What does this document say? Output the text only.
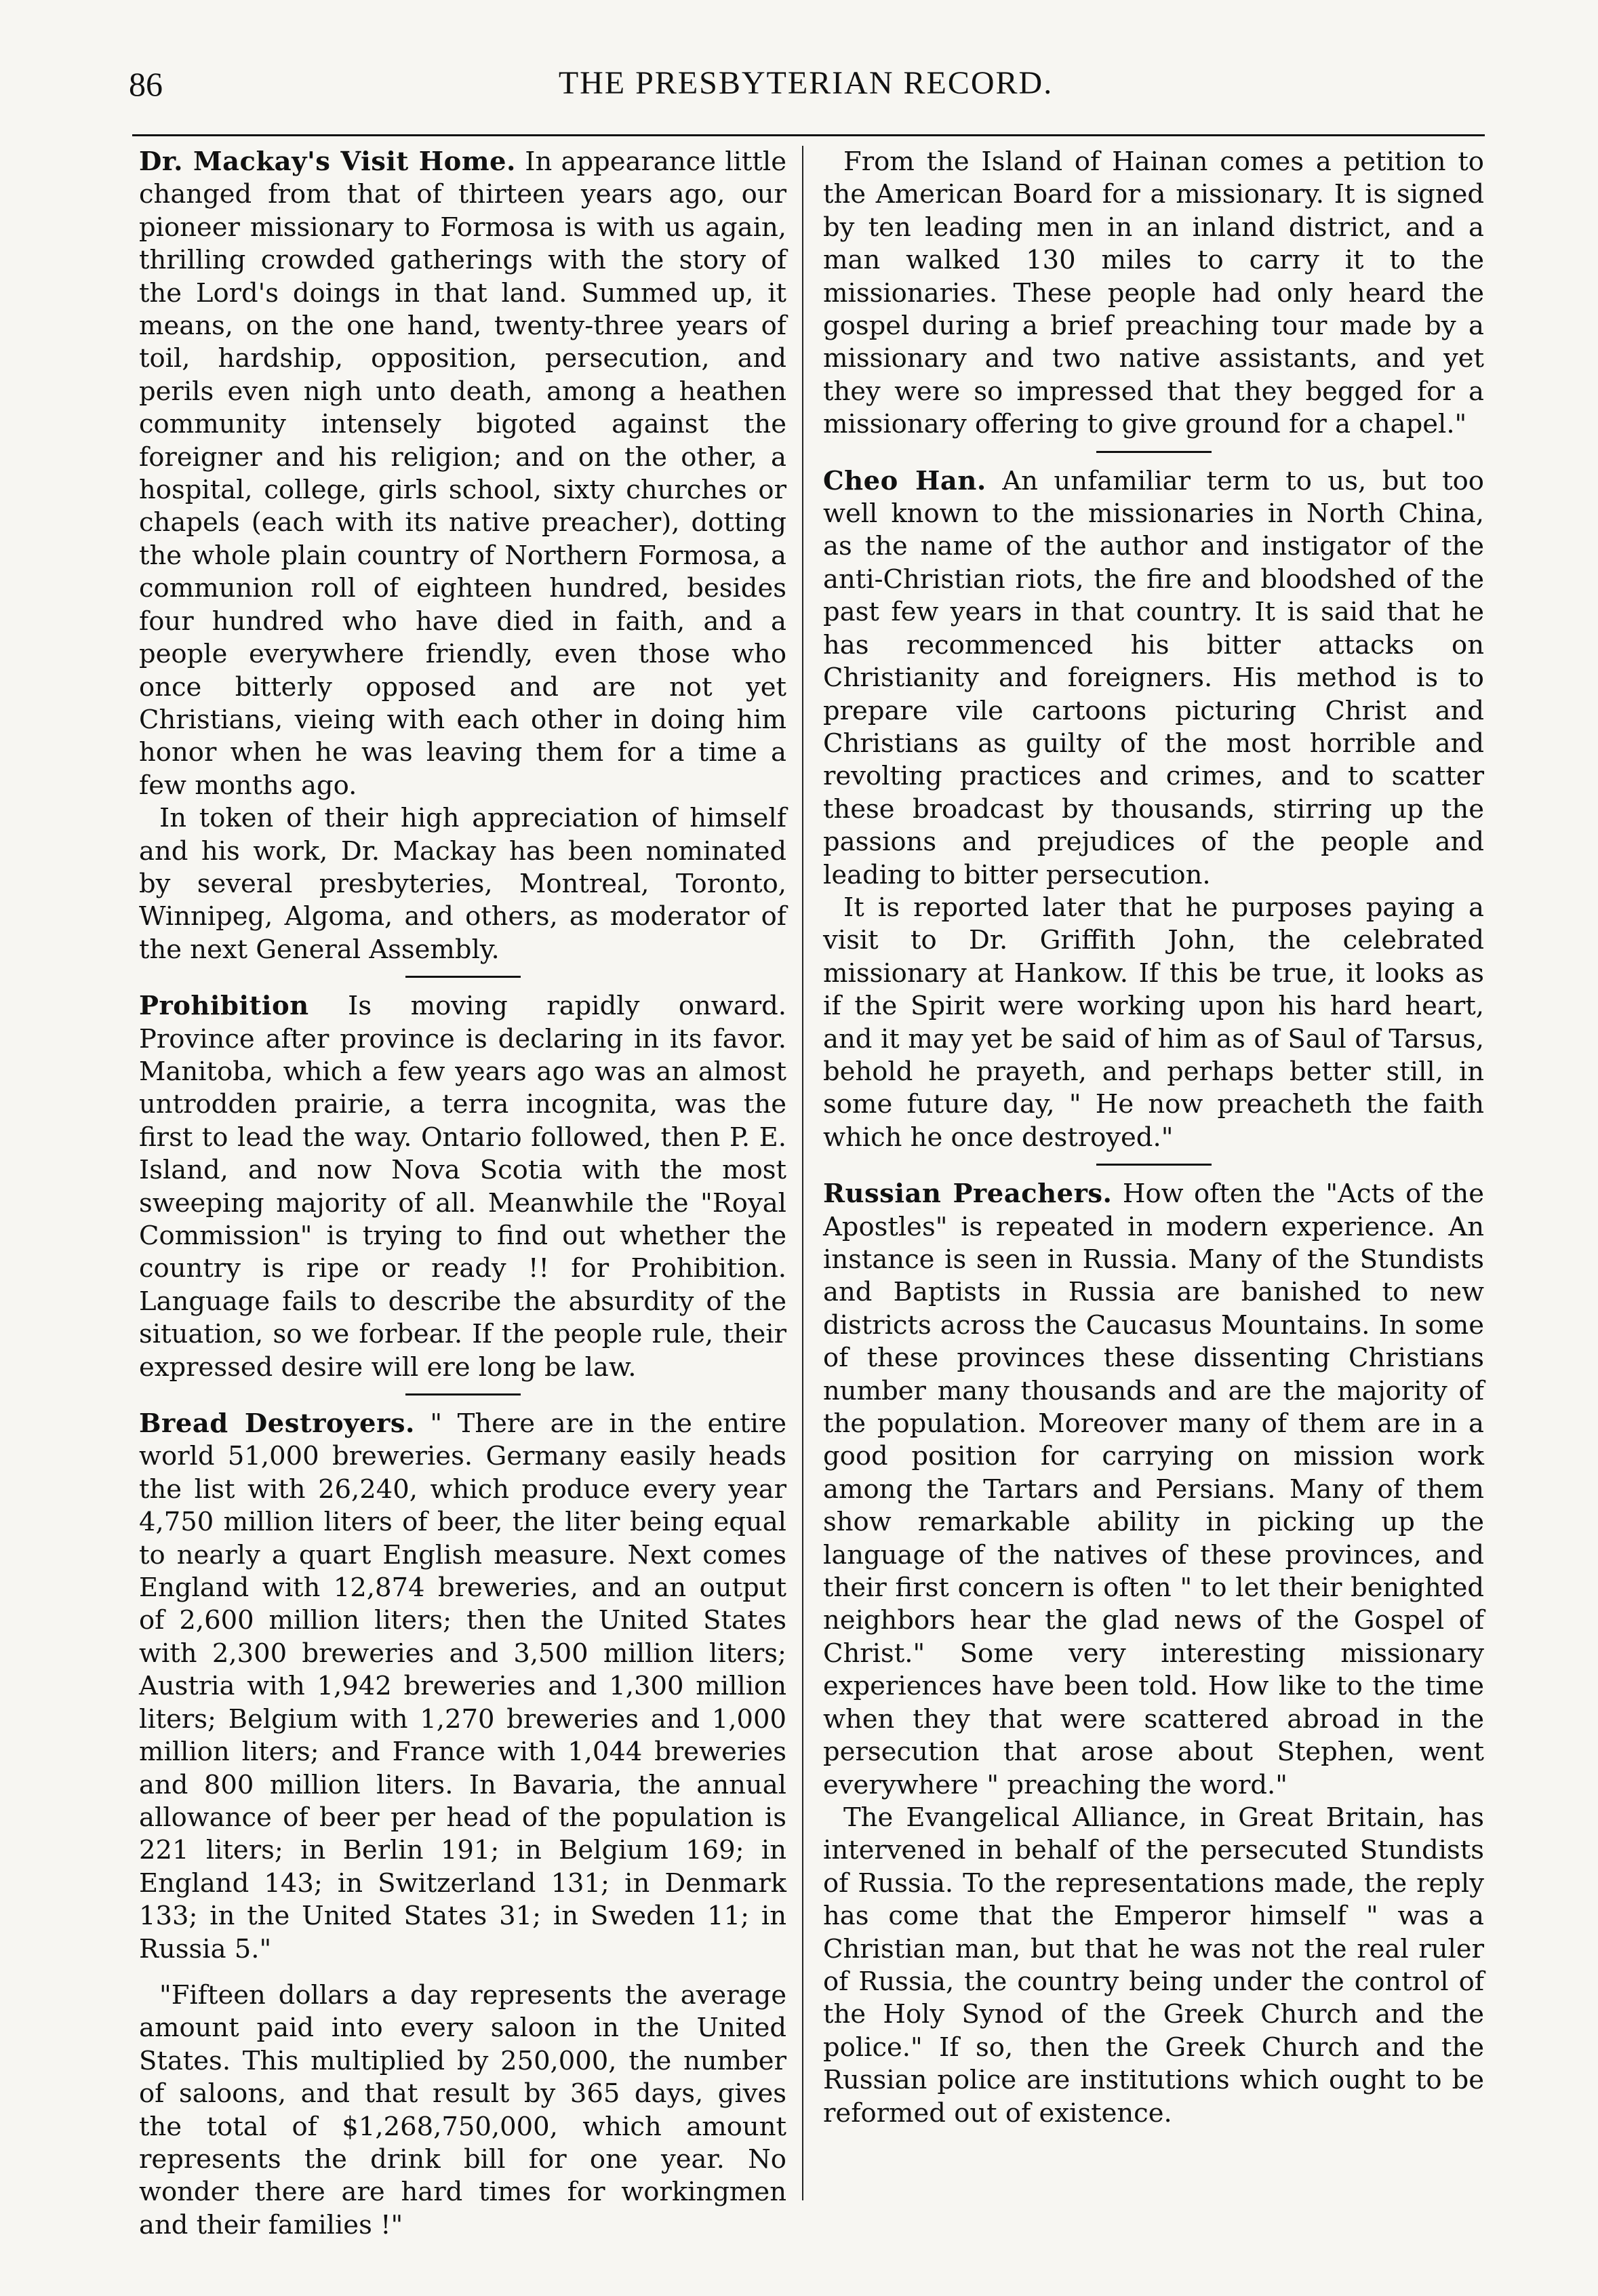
86	THE PRESBYTERIAN RECORD.

Dr. Mackay's Visit Home. In appearance little changed from that of thirteen years ago, our pioneer missionary to Formosa is with us again, thrilling crowded gatherings with the story of the Lord's doings in that land. Summed up, it means, on the one hand, twenty-three years of toil, hardship, opposition, persecution, and perils even nigh unto death, among a heathen community intensely bigoted against the foreigner and his religion; and on the other, a hospital, college, girls school, sixty churches or chapels (each with its native preacher), dotting the whole plain country of Northern Formosa, a communion roll of eighteen hundred, besides four hundred who have died in faith, and a people everywhere friendly, even those who once bitterly opposed and are not yet Christians, vieing with each other in doing him honor when he was leaving them for a time a few months ago.

In token of their high appreciation of himself and his work, Dr. Mackay has been nominated by several presbyteries, Montreal, Toronto, Winnipeg, Algoma, and others, as moderator of the next General Assembly.

Prohibition Is moving rapidly onward. Province after province is declaring in its favor. Manitoba, which a few years ago was an almost untrodden prairie, a terra incognita, was the first to lead the way. Ontario followed, then P. E. Island, and now Nova Scotia with the most sweeping majority of all. Meanwhile the "Royal Commission" is trying to find out whether the country is ripe or ready !! for Prohibition. Language fails to describe the absurdity of the situation, so we forbear. If the people rule, their expressed desire will ere long be law.

Bread Destroyers. " There are in the entire world 51,000 breweries. Germany easily heads the list with 26,240, which produce every year 4,750 million liters of beer, the liter being equal to nearly a quart English measure. Next comes England with 12,874 breweries, and an output of 2,600 million liters; then the United States with 2,300 breweries and 3,500 million liters; Austria with 1,942 breweries and 1,300 million liters; Belgium with 1,270 breweries and 1,000 million liters; and France with 1,044 breweries and 800 million liters. In Bavaria, the annual allowance of beer per head of the population is 221 liters; in Berlin 191; in Belgium 169; in England 143; in Switzerland 131; in Denmark 133; in the United States 31; in Sweden 11; in Russia 5."

"Fifteen dollars a day represents the average amount paid into every saloon in the United States. This multiplied by 250,000, the number of saloons, and that result by 365 days, gives the total of $1,268,750,000, which amount represents the drink bill for one year. No wonder there are hard times for workingmen and their families !"

From the Island of Hainan comes a petition to the American Board for a missionary. It is signed by ten leading men in an inland district, and a man walked 130 miles to carry it to the missionaries. These people had only heard the gospel during a brief preaching tour made by a missionary and two native assistants, and yet they were so impressed that they begged for a missionary offering to give ground for a chapel."

Cheo Han. An unfamiliar term to us, but too well known to the missionaries in North China, as the name of the author and instigator of the anti-Christian riots, the fire and bloodshed of the past few years in that country. It is said that he has recommenced his bitter attacks on Christianity and foreigners. His method is to prepare vile cartoons picturing Christ and Christians as guilty of the most horrible and revolting practices and crimes, and to scatter these broadcast by thousands, stirring up the passions and prejudices of the people and leading to bitter persecution.

It is reported later that he purposes paying a visit to Dr. Griffith John, the celebrated missionary at Hankow. If this be true, it looks as if the Spirit were working upon his hard heart, and it may yet be said of him as of Saul of Tarsus, behold he prayeth, and perhaps better still, in some future day, " He now preacheth the faith which he once destroyed."

Russian Preachers. How often the "Acts of the Apostles" is repeated in modern experience. An instance is seen in Russia. Many of the Stundists and Baptists in Russia are banished to new districts across the Caucasus Mountains. In some of these provinces these dissenting Christians number many thousands and are the majority of the population. Moreover many of them are in a good position for carrying on mission work among the Tartars and Persians. Many of them show remarkable ability in picking up the language of the natives of these provinces, and their first concern is often " to let their benighted neighbors hear the glad news of the Gospel of Christ." Some very interesting missionary experiences have been told. How like to the time when they that were scattered abroad in the persecution that arose about Stephen, went everywhere " preaching the word."

The Evangelical Alliance, in Great Britain, has intervened in behalf of the persecuted Stundists of Russia. To the representations made, the reply has come that the Emperor himself " was a Christian man, but that he was not the real ruler of Russia, the country being under the control of the Holy Synod of the Greek Church and the police." If so, then the Greek Church and the Russian police are institutions which ought to be reformed out of existence.
